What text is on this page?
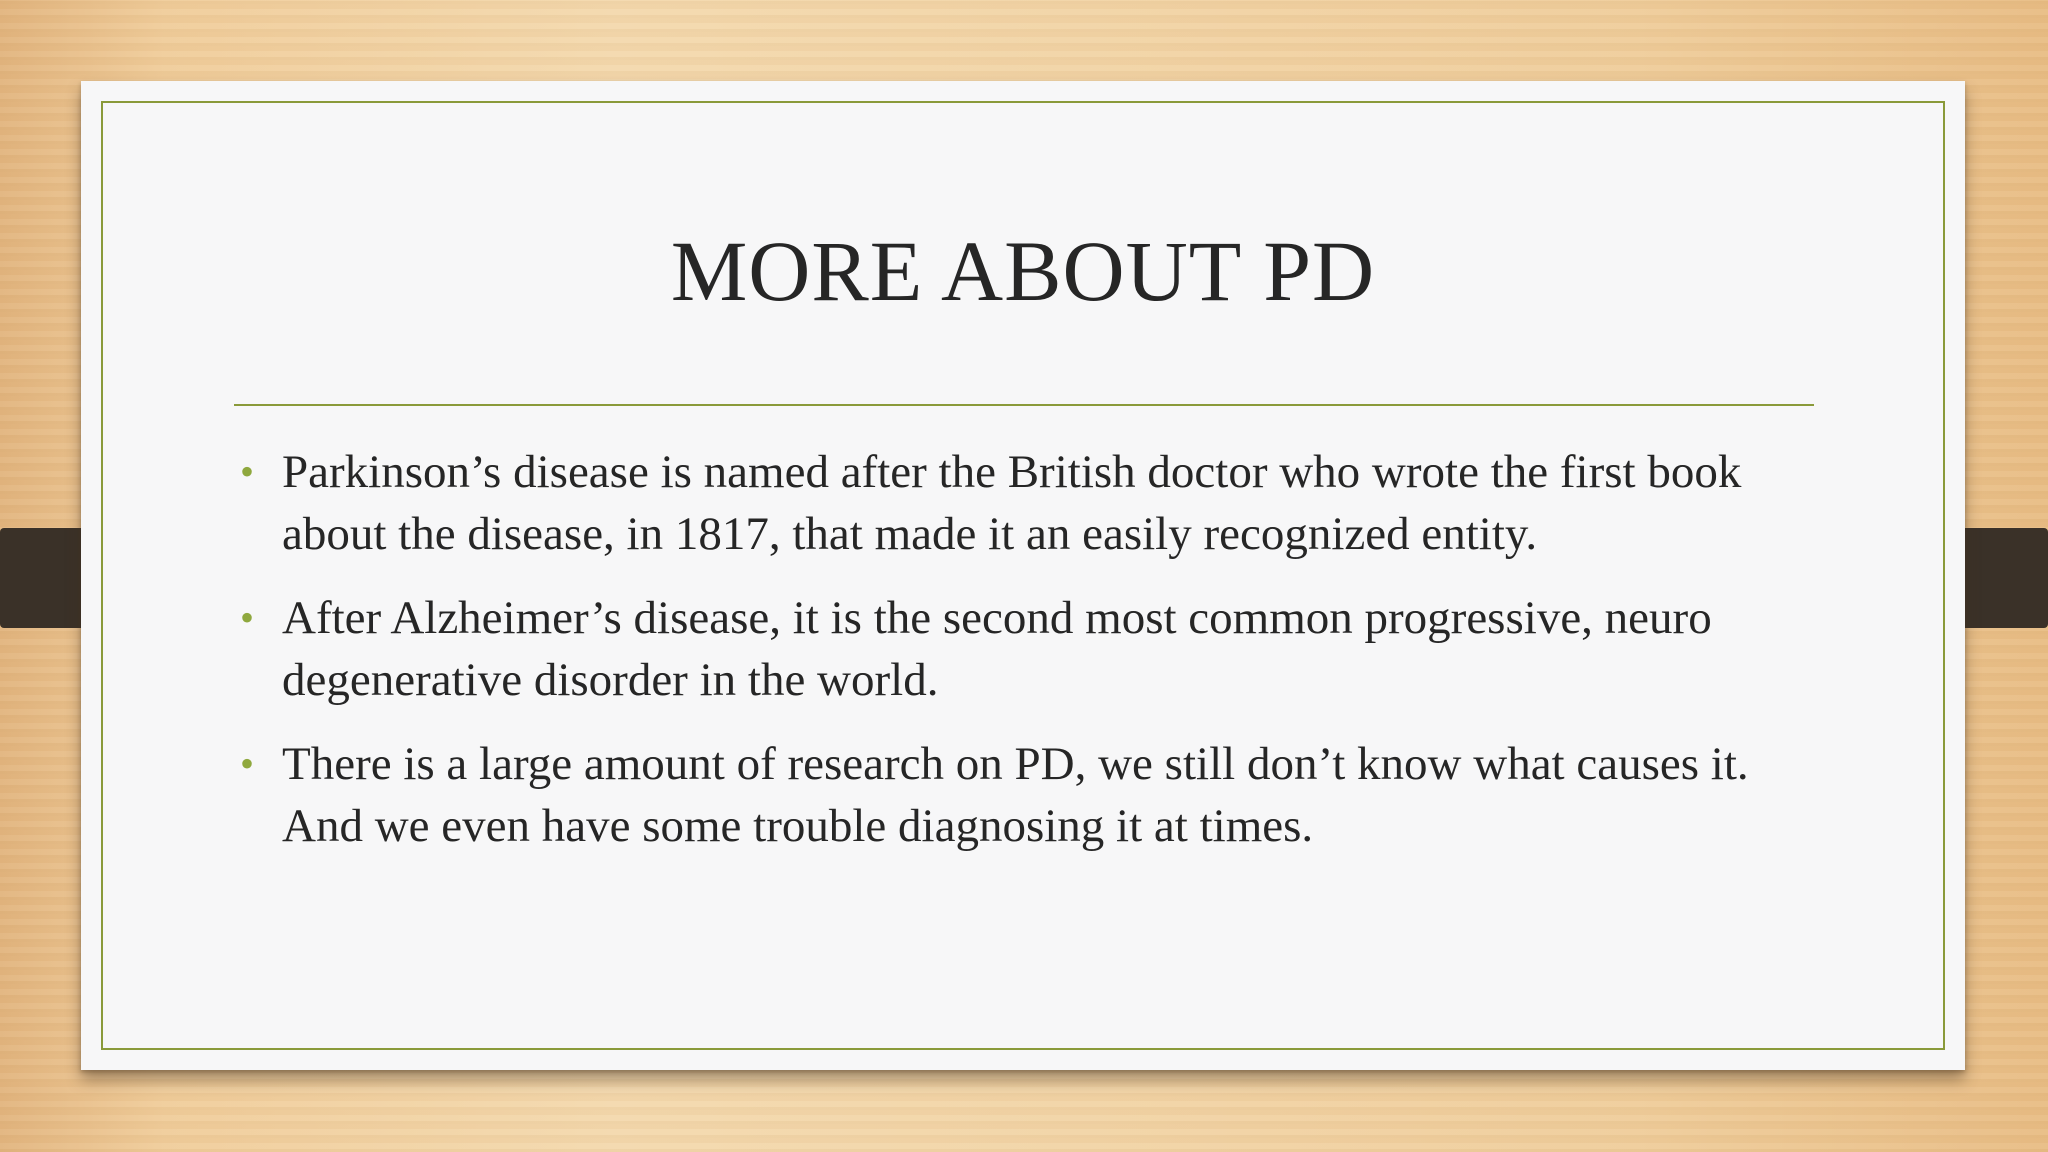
MORE ABOUT PD
• Parkinson’s disease is named after the British doctor who wrote the first book about the disease, in 1817, that made it an easily recognized entity.
• After Alzheimer’s disease, it is the second most common progressive, neuro degenerative disorder in the world.
• There is a large amount of research on PD, we still don’t know what causes it. And we even have some trouble diagnosing it at times.
